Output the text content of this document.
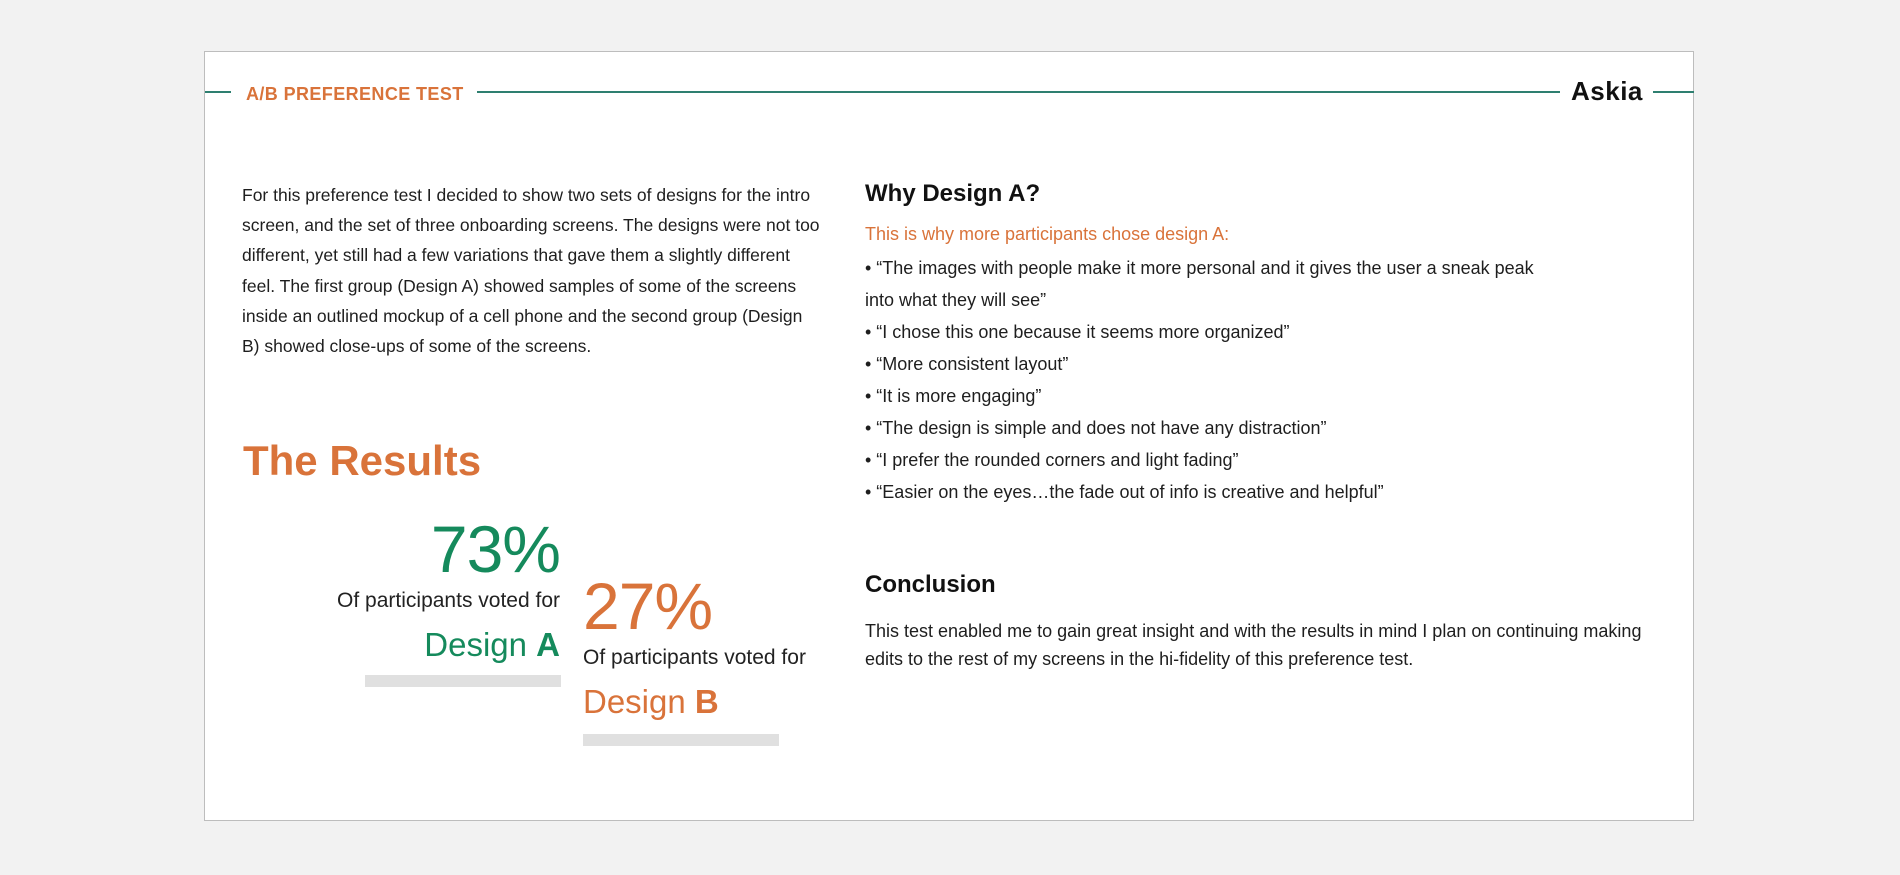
A/B PREFERENCE TEST	Askia
For this preference test I decided to show two sets of designs for the intro screen, and the set of three onboarding screens. The designs were not too different, yet still had a few variations that gave them a slightly different feel. The first group (Design A) showed samples of some of the screens inside an outlined mockup of a cell phone and the second group (Design B) showed close-ups of some of the screens.
The Results
73%
Of participants voted for
Design A
27%
Of participants voted for
Design B
Why Design A?
This is why more participants chose design A:
• “The images with people make it more personal and it gives the user a sneak peak into what they will see”
• “I chose this one because it seems more organized”
• “More consistent layout”
• “It is more engaging”
• “The design is simple and does not have any distraction”
• “I prefer the rounded corners and light fading”
• “Easier on the eyes…the fade out of info is creative and helpful”
Conclusion
This test enabled me to gain great insight and with the results in mind I plan on continuing making edits to the rest of my screens in the hi-fidelity of this preference test.
